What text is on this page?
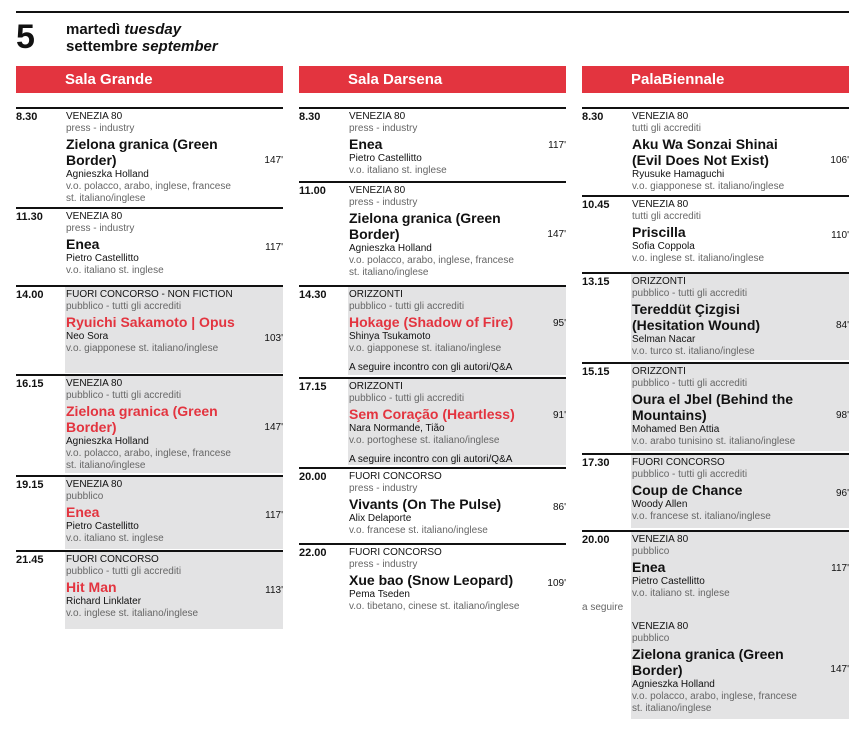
5 martedì tuesday
settembre september
Sala Grande
8.30	VENEZIA 80
press - industry
147'
Zielona granica (Green Border)
Agnieszka Holland
v.o. polacco, arabo, inglese, francese
st. italiano/inglese
11.30 VENEZIA 80
press - industry
117'
Enea
Pietro Castellitto
v.o. italiano st. inglese
14.00 FUORI CONCORSO - NON FICTION
pubblico - tutti gli accrediti
103'
Ryuichi Sakamoto | Opus
Neo Sora
v.o. giapponese st. italiano/inglese
16.15 VENEZIA 80
pubblico - tutti gli accrediti
147'
Zielona granica (Green Border)
Agnieszka Holland
v.o. polacco, arabo, inglese, francese
st. italiano/inglese
19.15 VENEZIA 80
pubblico
117'
Enea
Pietro Castellitto
v.o. italiano st. inglese
21.45 FUORI CONCORSO
pubblico - tutti gli accrediti
113'
Hit Man
Richard Linklater
v.o. inglese st. italiano/inglese
Sala Darsena
8.30	VENEZIA 80
press - industry
117'
Enea
Pietro Castellitto
v.o. italiano st. inglese
11.00 VENEZIA 80
press - industry
147'
Zielona granica (Green Border)
Agnieszka Holland
v.o. polacco, arabo, inglese, francese
st. italiano/inglese
14.30 ORIZZONTI
pubblico - tutti gli accrediti
95'
Hokage (Shadow of Fire)
Shinya Tsukamoto
v.o. giapponese st. italiano/inglese
A seguire incontro con gli autori/Q&A
17.15 ORIZZONTI
pubblico - tutti gli accrediti
91'
Sem Coração (Heartless)
Nara Normande, Tião
v.o. portoghese st. italiano/inglese
A seguire incontro con gli autori/Q&A
20.00 FUORI CONCORSO
press - industry
86'
Vivants (On The Pulse)
Alix Delaporte
v.o. francese st. italiano/inglese
22.00 FUORI CONCORSO
press - industry
109'
Xue bao (Snow Leopard)
Pema Tseden
v.o. tibetano, cinese st. italiano/inglese
PalaBiennale
8.30	VENEZIA 80
tutti gli accrediti
106'
Aku Wa Sonzai Shinai (Evil Does Not Exist)
Ryusuke Hamaguchi
v.o. giapponese st. italiano/inglese
10.45 VENEZIA 80
tutti gli accrediti
110'
Priscilla
Sofia Coppola
v.o. inglese st. italiano/inglese
13.15 ORIZZONTI
pubblico - tutti gli accrediti
84'
Tereddüt Çizgisi (Hesitation Wound)
Selman Nacar
v.o. turco st. italiano/inglese
15.15 ORIZZONTI
pubblico - tutti gli accrediti
98'
Oura el Jbel (Behind the Mountains)
Mohamed Ben Attia
v.o. arabo tunisino st. italiano/inglese
17.30 FUORI CONCORSO
pubblico - tutti gli accrediti
96'
Coup de Chance
Woody Allen
v.o. francese st. italiano/inglese
20.00
a seguire
VENEZIA 80
pubblico
117'
Enea
Pietro Castellitto
v.o. italiano st. inglese
VENEZIA 80
pubblico
147'
Zielona granica (Green Border)
Agnieszka Holland
v.o. polacco, arabo, inglese, francese
st. italiano/inglese
